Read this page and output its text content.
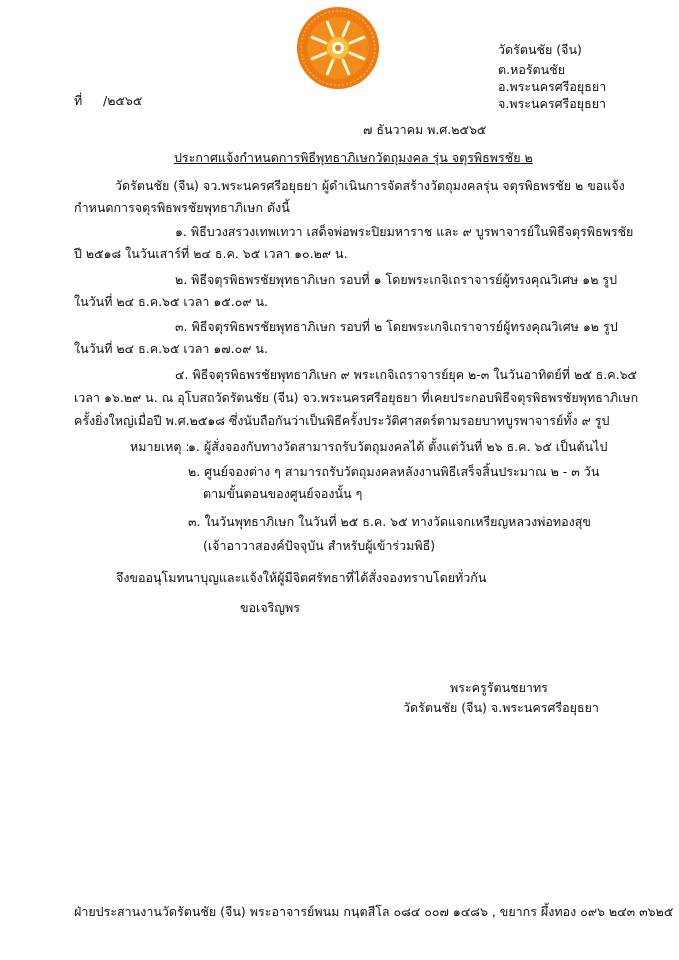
วัดรัตนชัย (จีน)
ต.หอรัตนชัย
อ.พระนครศรีอยุธยา
จ.พระนครศรีอยุธยา
ที่ /๒๕๖๕
๗ ธันวาคม พ.ศ.๒๕๖๕
ประกาศแจ้งกำหนดการพิธีพุทธาภิเษกวัตถุมงคล รุ่น จตุรพิธพรชัย ๒
วัดรัตนชัย (จีน) จว.พระนครศรีอยุธยา ผู้ดำเนินการจัดสร้างวัตถุมงคลรุ่น จตุรพิธพรชัย ๒ ขอแจ้ง
กำหนดการจตุรพิธพรชัยพุทธาภิเษก ดังนี้
๑. พิธีบวงสรวงเทพเทวา เสด็จพ่อพระปิยมหาราช และ ๙ บูรพาจารย์ในพิธีจตุรพิธพรชัย
ปี ๒๕๑๘ ในวันเสาร์ที่ ๒๔ ธ.ค. ๖๕ เวลา ๑๐.๒๙ น.
๒. พิธีจตุรพิธพรชัยพุทธาภิเษก รอบที่ ๑ โดยพระเกจิเถราจารย์ผู้ทรงคุณวิเศษ ๑๒ รูป
ในวันที่ ๒๔ ธ.ค.๖๕ เวลา ๑๕.๐๙ น.
๓. พิธีจตุรพิธพรชัยพุทธาภิเษก รอบที่ ๒ โดยพระเกจิเถราจารย์ผู้ทรงคุณวิเศษ ๑๒ รูป
ในวันที่ ๒๔ ธ.ค.๖๕ เวลา ๑๗.๐๙ น.
๔. พิธีจตุรพิธพรชัยพุทธาภิเษก ๙ พระเกจิเถราจารย์ยุค ๒-๓ ในวันอาทิตย์ที่ ๒๕ ธ.ค.๖๕
เวลา ๑๖.๒๙ น. ณ อุโบสถวัดรัตนชัย (จีน) จว.พระนครศรีอยุธยา ที่เคยประกอบพิธีจตุรพิธพรชัยพุทธาภิเษก
ครั้งยิ่งใหญ่เมื่อปี พ.ศ.๒๕๑๘ ซึ่งนับถือกันว่าเป็นพิธีครั้งประวัติศาสตร์ตามรอยบาทบูรพาจารย์ทั้ง ๙ รูป
หมายเหตุ :
๑. ผู้สั่งจองกับทางวัดสามารถรับวัตถุมงคลได้ ตั้งแต่วันที่ ๒๖ ธ.ค. ๖๕ เป็นต้นไป
๒. ศูนย์จองต่าง ๆ สามารถรับวัตถุมงคลหลังงานพิธีเสร็จสิ้นประมาณ ๒ - ๓ วัน
ตามขั้นตอนของศูนย์จองนั้น ๆ
๓. ในวันพุทธาภิเษก ในวันที่ ๒๕ ธ.ค. ๖๕ ทางวัดแจกเหรียญหลวงพ่อทองสุข
(เจ้าอาวาสองค์ปัจจุบัน สำหรับผู้เข้าร่วมพิธี)
จึงขออนุโมทนาบุญและแจ้งให้ผู้มีจิตศรัทธาที่ได้สั่งจองทราบโดยทั่วกัน
ขอเจริญพร
พระครูรัตนชยาทร
วัดรัตนชัย (จีน) จ.พระนครศรีอยุธยา
ฝ่ายประสานงานวัดรัตนชัย (จีน) พระอาจารย์พนม กนฺตสีโล ๐๘๔ ๐๐๗ ๑๔๘๖ , ขยากร ผึ้งทอง ๐๙๖ ๒๔๓ ๓๖๒๕
